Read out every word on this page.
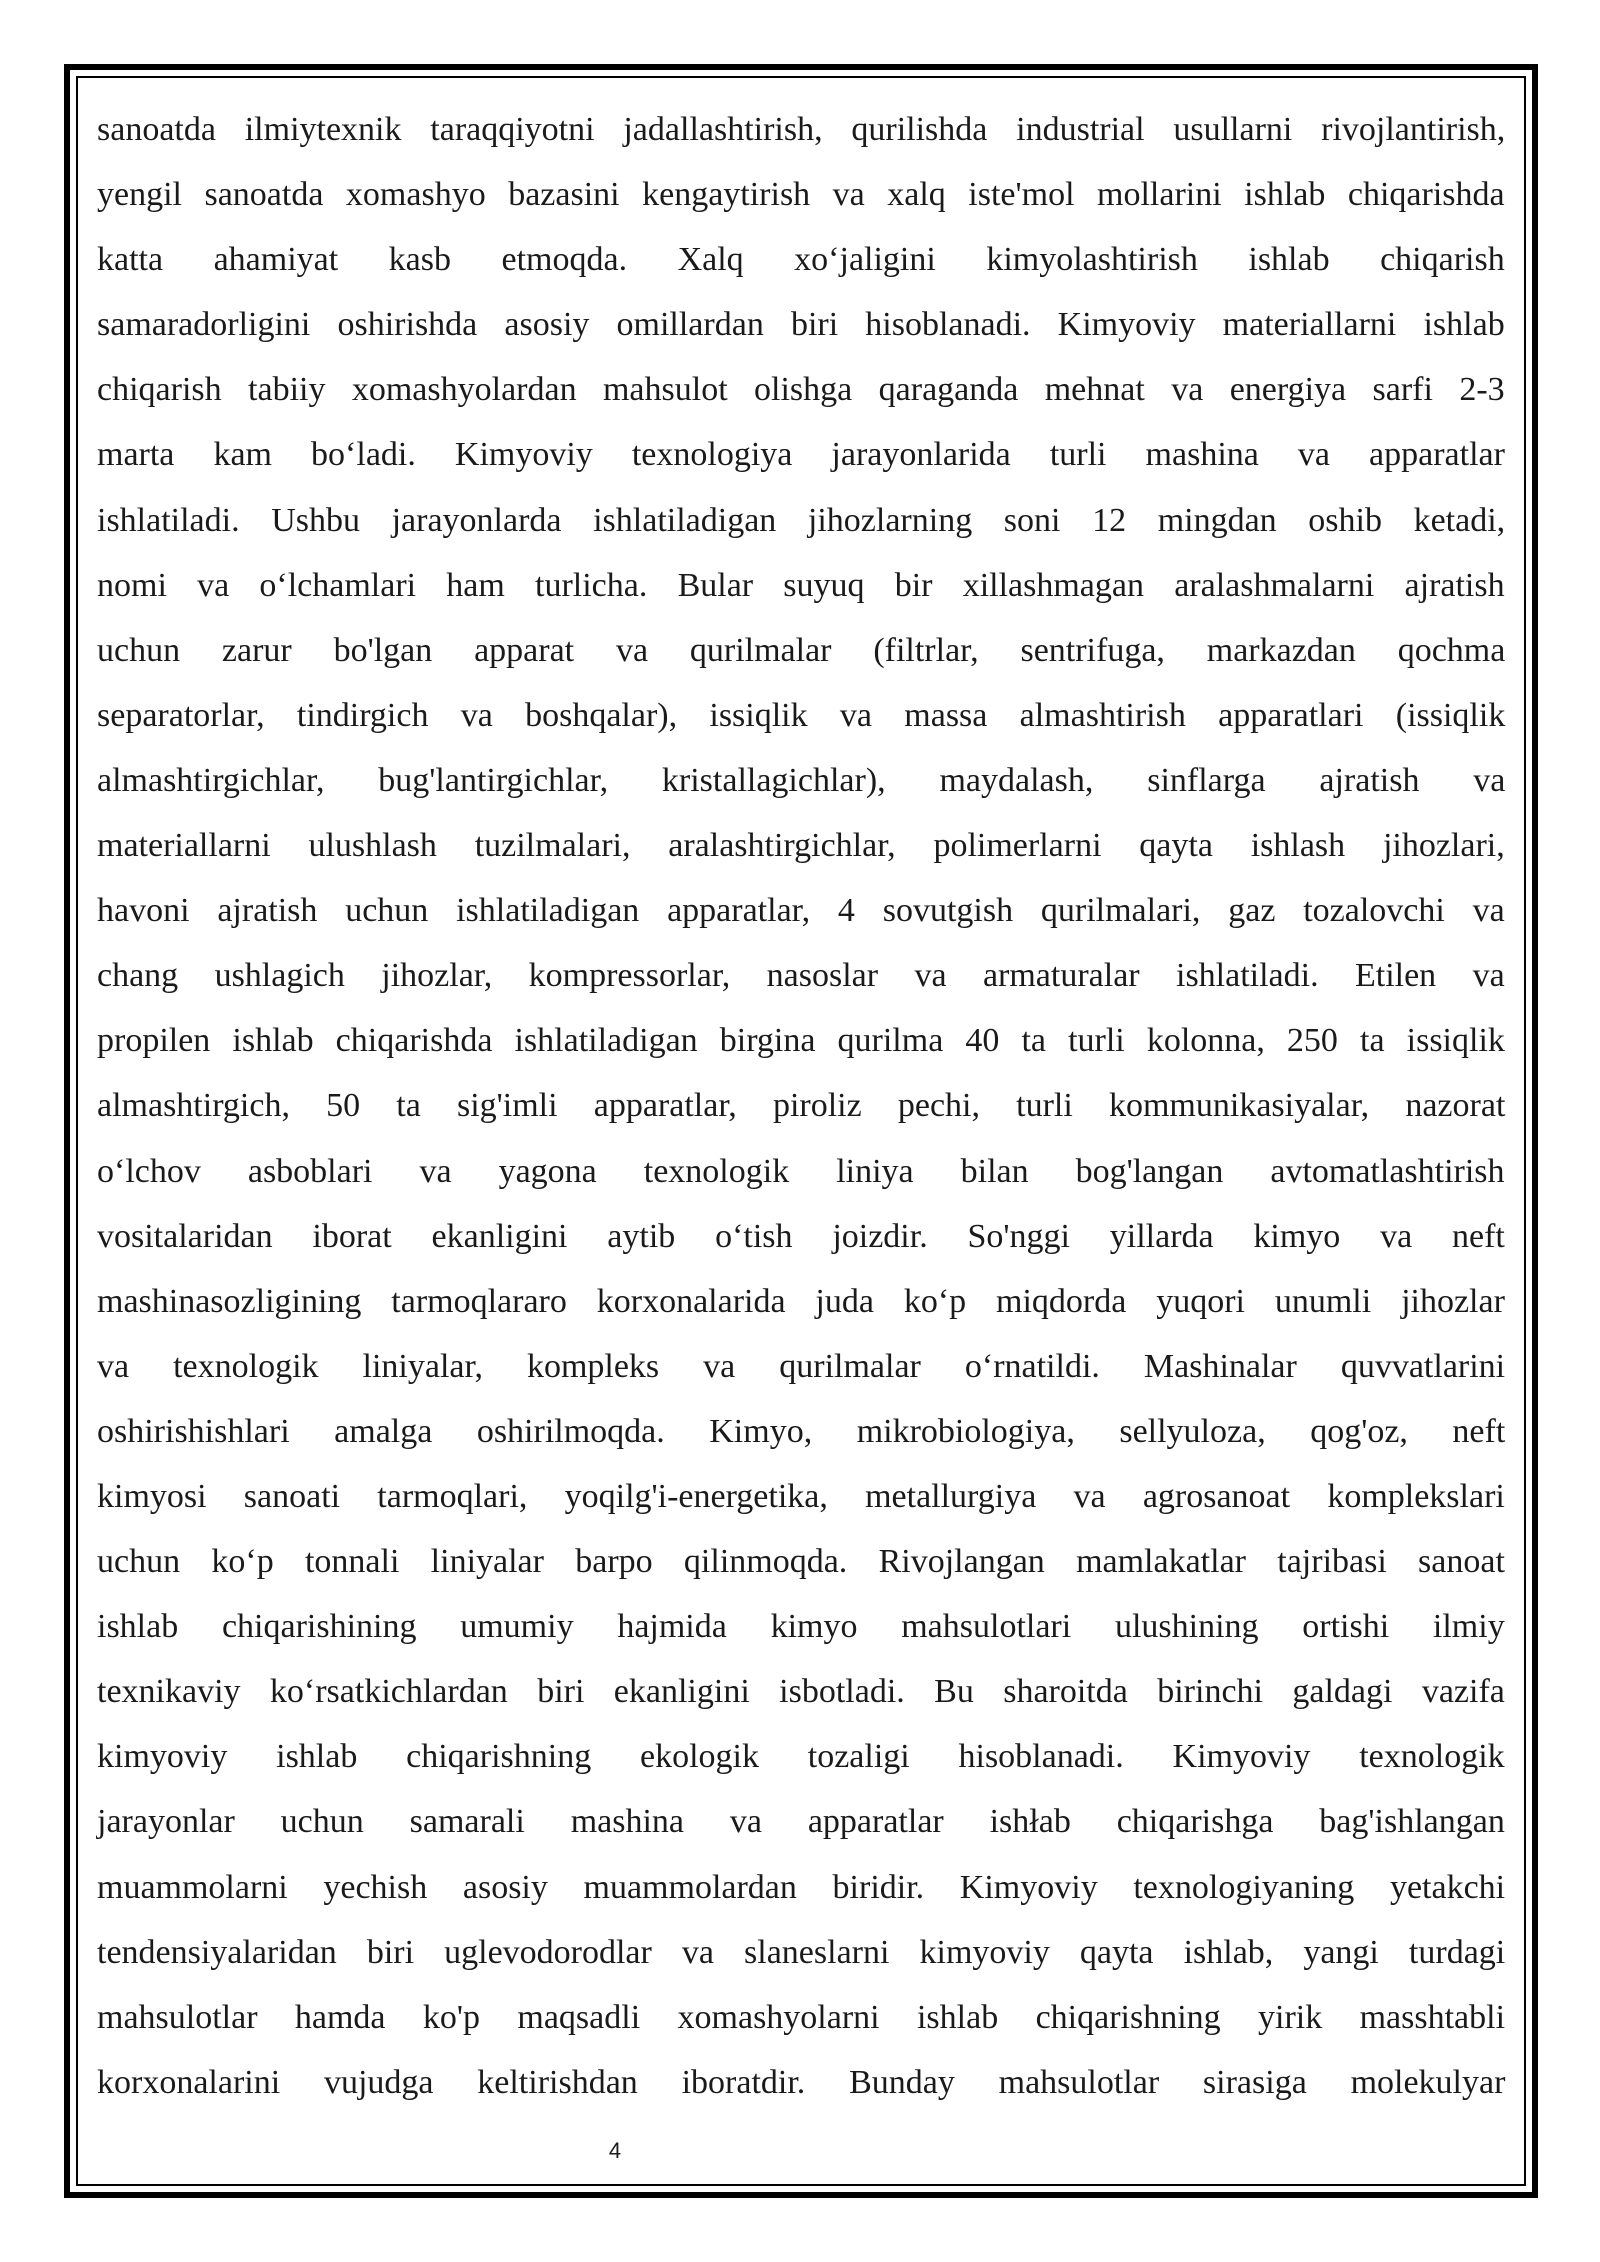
sanoatda ilmiytexnik taraqqiyotni jadallashtirish, qurilishda industrial usullarni rivojlantirish,
yengil sanoatda xomashyo bazasini kengaytirish va xalq iste'mol mollarini ishlab chiqarishda
katta ahamiyat kasb etmoqda. Xalq xo‘jaligini kimyolashtirish ishlab chiqarish
samaradorligini oshirishda asosiy omillardan biri hisoblanadi. Kimyoviy materiallarni ishlab
chiqarish tabiiy xomashyolardan mahsulot olishga qaraganda mehnat va energiya sarfi 2-3
marta kam bo‘ladi. Kimyoviy texnologiya jarayonlarida turli mashina va apparatlar
ishlatiladi. Ushbu jarayonlarda ishlatiladigan jihozlarning soni 12 mingdan oshib ketadi,
nomi va o‘lchamlari ham turlicha. Bular suyuq bir xillashmagan aralashmalarni ajratish
uchun zarur bo'lgan apparat va qurilmalar (filtrlar, sentrifuga, markazdan qochma
separatorlar, tindirgich va boshqalar), issiqlik va massa almashtirish apparatlari (issiqlik
almashtirgichlar, bug'lantirgichlar, kristallagichlar), maydalash, sinflarga ajratish va
materiallarni ulushlash tuzilmalari, aralashtirgichlar, polimerlarni qayta ishlash jihozlari,
havoni ajratish uchun ishlatiladigan apparatlar, 4 sovutgish qurilmalari, gaz tozalovchi va
chang ushlagich jihozlar, kompressorlar, nasoslar va armaturalar ishlatiladi. Etilen va
propilen ishlab chiqarishda ishlatiladigan birgina qurilma 40 ta turli kolonna, 250 ta issiqlik
almashtirgich, 50 ta sig'imli apparatlar, piroliz pechi, turli kommunikasiyalar, nazorat
o‘lchov asboblari va yagona texnologik liniya bilan bog'langan avtomatlashtirish
vositalaridan iborat ekanligini aytib o‘tish joizdir. So'nggi yillarda kimyo va neft
mashinasozligining tarmoqlararo korxonalarida juda ko‘p miqdorda yuqori unumli jihozlar
va texnologik liniyalar, kompleks va qurilmalar o‘rnatildi. Mashinalar quvvatlarini
oshirishishlari amalga oshirilmoqda. Kimyo, mikrobiologiya, sellyuloza, qog'oz, neft
kimyosi sanoati tarmoqlari, yoqilg'i-energetika, metallurgiya va agrosanoat komplekslari
uchun ko‘p tonnali liniyalar barpo qilinmoqda. Rivojlangan mamlakatlar tajribasi sanoat
ishlab chiqarishining umumiy hajmida kimyo mahsulotlari ulushining ortishi ilmiy
texnikaviy ko‘rsatkichlardan biri ekanligini isbotladi. Bu sharoitda birinchi galdagi vazifa
kimyoviy ishlab chiqarishning ekologik tozaligi hisoblanadi. Kimyoviy texnologik
jarayonlar uchun samarali mashina va apparatlar ishłab chiqarishga bag'ishlangan
muammolarni yechish asosiy muammolardan biridir. Kimyoviy texnologiyaning yetakchi
tendensiyalaridan biri uglevodorodlar va slaneslarni kimyoviy qayta ishlab, yangi turdagi
mahsulotlar hamda ko'p maqsadli xomashyolarni ishlab chiqarishning yirik masshtabli
korxonalarini vujudga keltirishdan iboratdir. Bunday mahsulotlar sirasiga molekulyar
4
